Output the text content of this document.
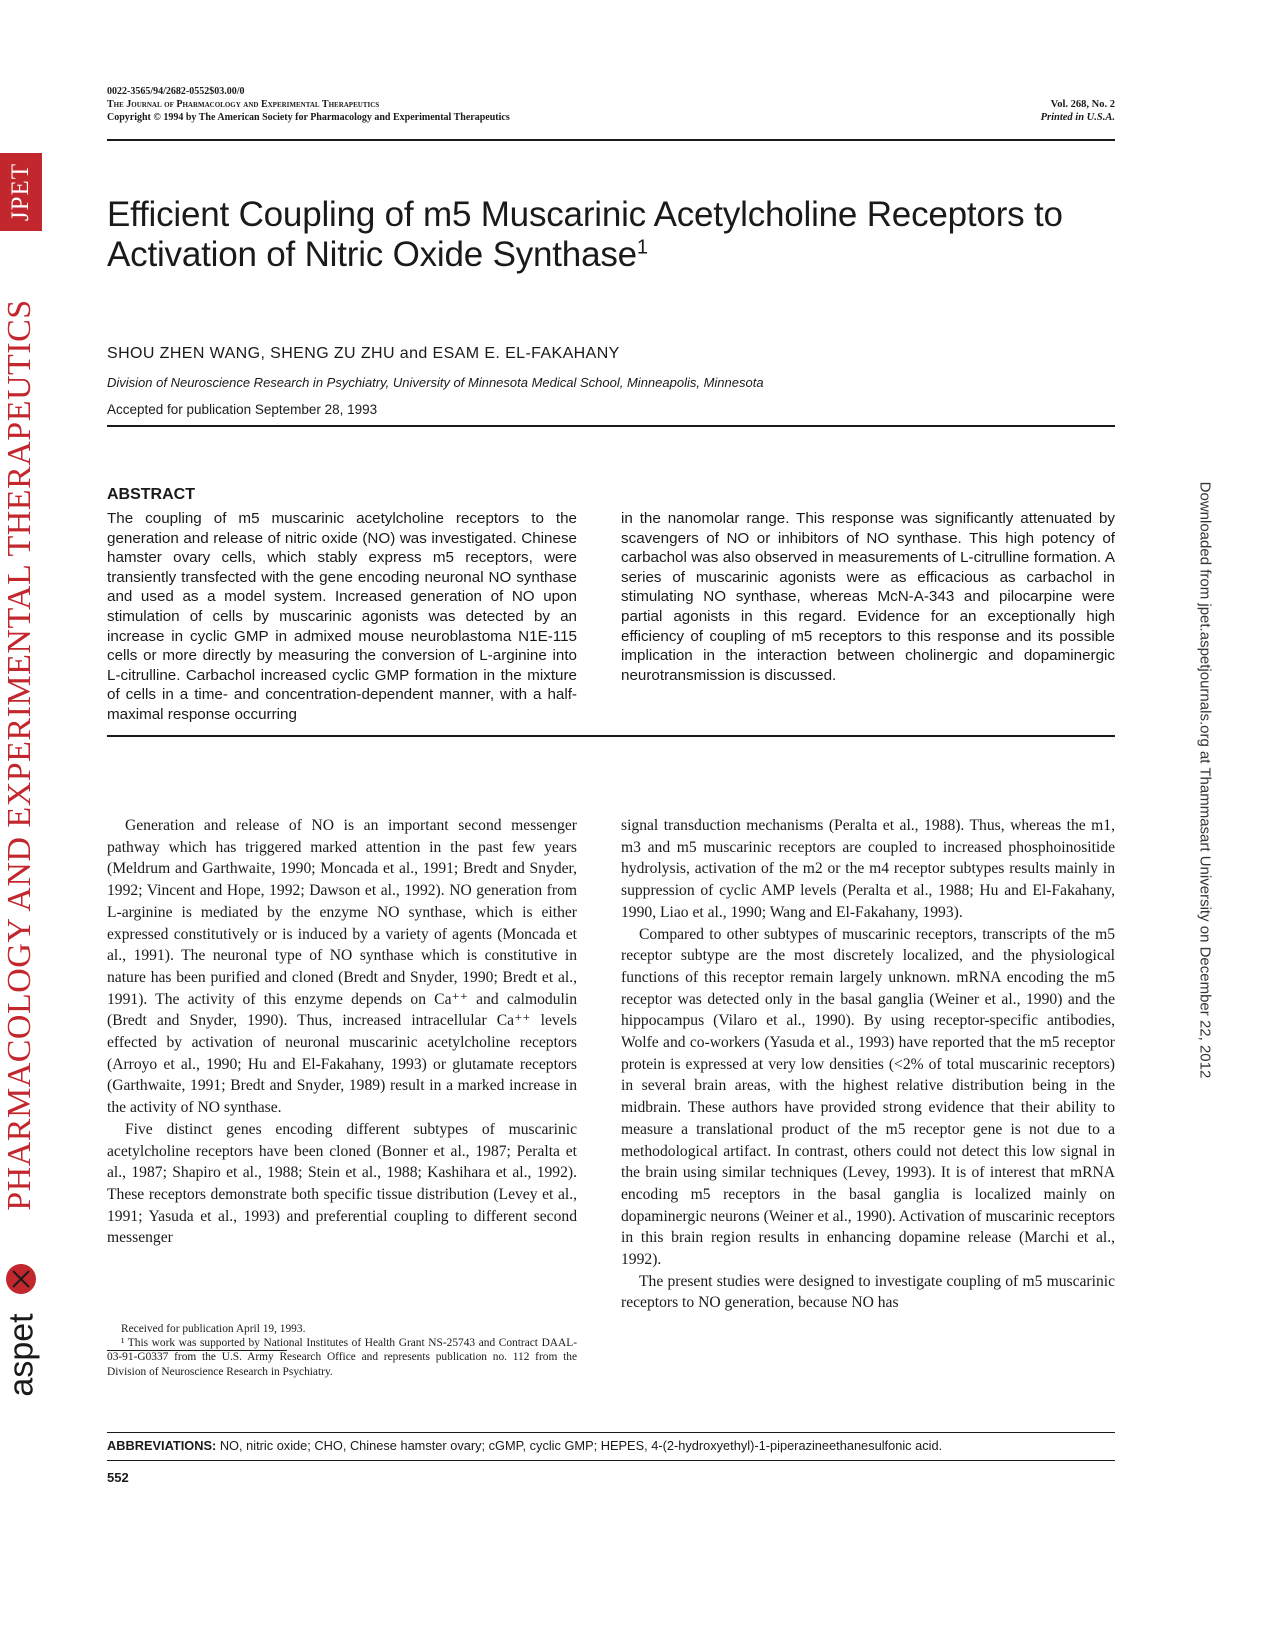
0022-3565/94/2682-0552$03.00/0
The Journal of Pharmacology and Experimental Therapeutics
Copyright © 1994 by The American Society for Pharmacology and Experimental Therapeutics
Vol. 268, No. 2
Printed in U.S.A.
Efficient Coupling of m5 Muscarinic Acetylcholine Receptors to Activation of Nitric Oxide Synthase$^1$
SHOU ZHEN WANG, SHENG ZU ZHU and ESAM E. EL-FAKAHANY
Division of Neuroscience Research in Psychiatry, University of Minnesota Medical School, Minneapolis, Minnesota
Accepted for publication September 28, 1993
ABSTRACT
The coupling of m5 muscarinic acetylcholine receptors to the generation and release of nitric oxide (NO) was investigated. Chinese hamster ovary cells, which stably express m5 receptors, were transiently transfected with the gene encoding neuronal NO synthase and used as a model system. Increased generation of NO upon stimulation of cells by muscarinic agonists was detected by an increase in cyclic GMP in admixed mouse neuroblastoma N1E-115 cells or more directly by measuring the conversion of L-arginine into L-citrulline. Carbachol increased cyclic GMP formation in the mixture of cells in a time- and concentration-dependent manner, with a half-maximal response occurring
in the nanomolar range. This response was significantly attenuated by scavengers of NO or inhibitors of NO synthase. This high potency of carbachol was also observed in measurements of L-citrulline formation. A series of muscarinic agonists were as efficacious as carbachol in stimulating NO synthase, whereas McN-A-343 and pilocarpine were partial agonists in this regard. Evidence for an exceptionally high efficiency of coupling of m5 receptors to this response and its possible implication in the interaction between cholinergic and dopaminergic neurotransmission is discussed.

Generation and release of NO is an important second messenger pathway which has triggered marked attention in the past few years (Meldrum and Garthwaite, 1990; Moncada et al., 1991; Bredt and Snyder, 1992; Vincent and Hope, 1992; Dawson et al., 1992). NO generation from L-arginine is mediated by the enzyme NO synthase, which is either expressed constitutively or is induced by a variety of agents (Moncada et al., 1991). The neuronal type of NO synthase which is constitutive in nature has been purified and cloned (Bredt and Snyder, 1990; Bredt et al., 1991). The activity of this enzyme depends on Ca⁺⁺ and calmodulin (Bredt and Snyder, 1990). Thus, increased intracellular Ca⁺⁺ levels effected by activation of neuronal muscarinic acetylcholine receptors (Arroyo et al., 1990; Hu and El-Fakahany, 1993) or glutamate receptors (Garthwaite, 1991; Bredt and Snyder, 1989) result in a marked increase in the activity of NO synthase.

Five distinct genes encoding different subtypes of muscarinic acetylcholine receptors have been cloned (Bonner et al., 1987; Peralta et al., 1987; Shapiro et al., 1988; Stein et al., 1988; Kashihara et al., 1992). These receptors demonstrate both specific tissue distribution (Levey et al., 1991; Yasuda et al., 1993) and preferential coupling to different second messenger

signal transduction mechanisms (Peralta et al., 1988). Thus, whereas the m1, m3 and m5 muscarinic receptors are coupled to increased phosphoinositide hydrolysis, activation of the m2 or the m4 receptor subtypes results mainly in suppression of cyclic AMP levels (Peralta et al., 1988; Hu and El-Fakahany, 1990, Liao et al., 1990; Wang and El-Fakahany, 1993).

Compared to other subtypes of muscarinic receptors, transcripts of the m5 receptor subtype are the most discretely localized, and the physiological functions of this receptor remain largely unknown. mRNA encoding the m5 receptor was detected only in the basal ganglia (Weiner et al., 1990) and the hippocampus (Vilaro et al., 1990). By using receptor-specific antibodies, Wolfe and co-workers (Yasuda et al., 1993) have reported that the m5 receptor protein is expressed at very low densities (<2% of total muscarinic receptors) in several brain areas, with the highest relative distribution being in the midbrain. These authors have provided strong evidence that their ability to measure a translational product of the m5 receptor gene is not due to a methodological artifact. In contrast, others could not detect this low signal in the brain using similar techniques (Levey, 1993). It is of interest that mRNA encoding m5 receptors in the basal ganglia is localized mainly on dopaminergic neurons (Weiner et al., 1990). Activation of muscarinic receptors in this brain region results in enhancing dopamine release (Marchi et al., 1992).

The present studies were designed to investigate coupling of m5 muscarinic receptors to NO generation, because NO has

Received for publication April 19, 1993.

¹ This work was supported by National Institutes of Health Grant NS-25743 and Contract DAAL-03-91-G0337 from the U.S. Army Research Office and represents publication no. 112 from the Division of Neuroscience Research in Psychiatry.

ABBREVIATIONS: NO, nitric oxide; CHO, Chinese hamster ovary; cGMP, cyclic GMP; HEPES, 4-(2-hydroxyethyl)-1-piperazineethanesulfonic acid.
552
JPET
PHARMACOLOGY AND EXPERIMENTAL THERAPEUTICS
aspet
Downloaded from jpet.aspetjournals.org at Thammasart University on December 22, 2012
